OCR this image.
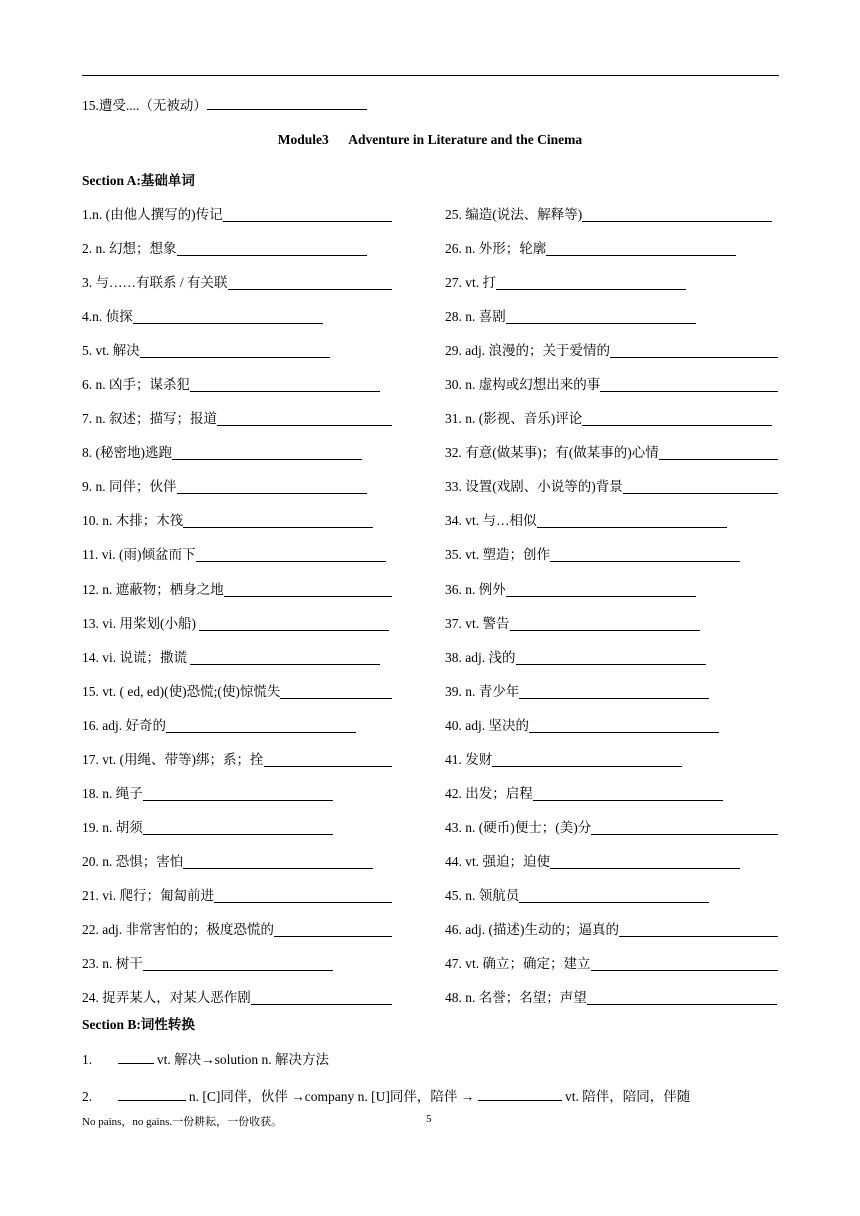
15.遭受....（无被动）
Module3      Adventure in Literature and the Cinema
Section A:基础单词
1.n. (由他人撰写的)传记
2. n. 幻想；想象
3. 与……有联系 / 有关联
4.n. 侦探
5. vt. 解决
6. n. 凶手；谋杀犯
7. n. 叙述；描写；报道
8. (秘密地)逃跑
9. n. 同伴；伙伴
10. n. 木排；木筏
11. vi. (雨)倾盆而下
12. n. 遮蔽物；栖身之地
13. vi. 用桨划(小船)
14. vi. 说谎；撒谎
15. vt. ( ed, ed)(使)恐慌;(使)惊慌失
16. adj. 好奇的
17. vt. (用绳、带等)绑；系；拴
18. n. 绳子
19. n. 胡须
20. n. 恐惧；害怕
21. vi. 爬行；匍匐前进
22. adj. 非常害怕的；极度恐慌的
23. n. 树干
24. 捉弄某人，对某人恶作剧
25. 编造(说法、解释等)
26. n. 外形；轮廓
27. vt. 打
28. n. 喜剧
29. adj. 浪漫的；关于爱情的
30. n. 虚构或幻想出来的事
31. n. (影视、音乐)评论
32. 有意(做某事)；有(做某事的)心情
33. 设置(戏剧、小说等的)背景
34. vt. 与…相似
35. vt. 塑造；创作
36. n. 例外
37. vt. 警告
38. adj. 浅的
39. n. 青少年
40. adj. 坚决的
41. 发财
42. 出发；启程
43. n. (硬币)便士；(美)分
44. vt. 强迫；迫使
45. n. 领航员
46. adj. (描述)生动的；逼真的
47. vt. 确立；确定；建立
48. n. 名誉；名望；声望
Section B:词性转换
1.	vt. 解决→solution n. 解决方法
2.	n. [C]同伴，伙伴 →company n. [U]同伴，陪伴 →	vt. 陪伴，陪同，伴随
No pains，no gains.一份耕耘，一份收获。	5
